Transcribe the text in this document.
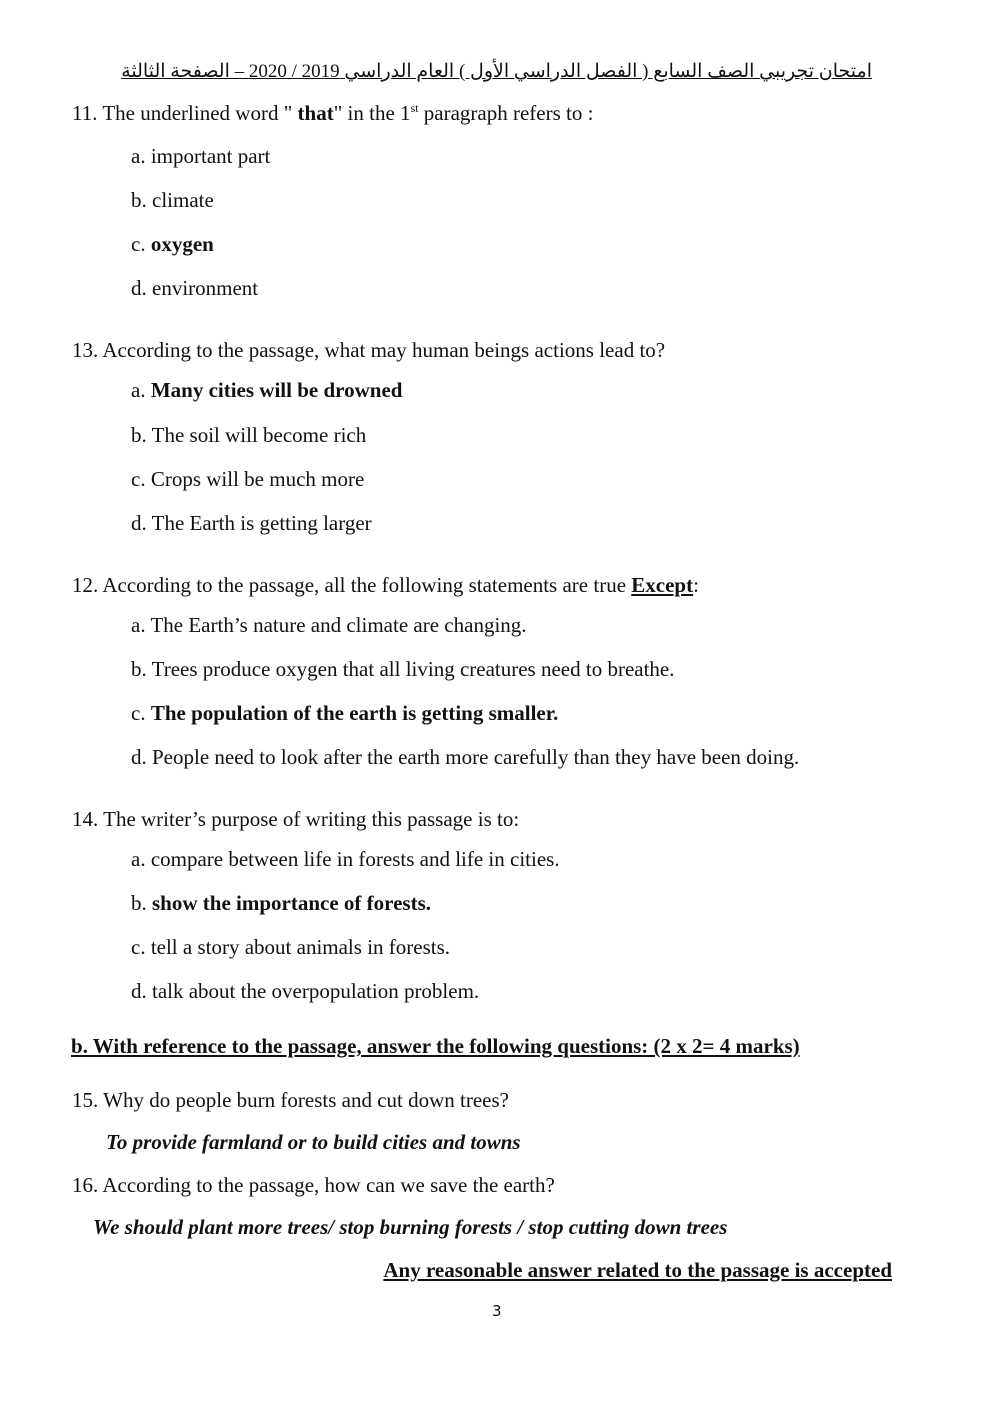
امتحان تجريبي الصف السابع ( الفصل الدراسي الأول ) العام الدراسي 2019 / 2020 – الصفحة الثالثة
11. The underlined word " that" in the 1st paragraph refers to :
a. important part
b. climate
c. oxygen
d. environment
13. According to the passage, what may human beings actions lead to?
a. Many cities will be drowned
b. The soil will become rich
c. Crops will be much more
d. The Earth is getting larger
12. According to the passage, all the following statements are true Except:
a. The Earth’s nature and climate are changing.
b. Trees produce oxygen that all living creatures need to breathe.
c. The population of the earth is getting smaller.
d. People need to look after the earth more carefully than they have been doing.
14. The writer’s purpose of writing this passage is to:
a. compare between life in forests and life in cities.
b. show the importance of forests.
c. tell a story about animals in forests.
d. talk about the overpopulation problem.
b. With reference to the passage, answer the following questions: (2 x 2= 4 marks)
15. Why do people burn forests and cut down trees?
To provide farmland or to build cities and towns
16. According to the passage, how can we save the earth?
We should plant more trees/ stop burning forests / stop cutting down trees
Any reasonable answer related to the passage is accepted
3
